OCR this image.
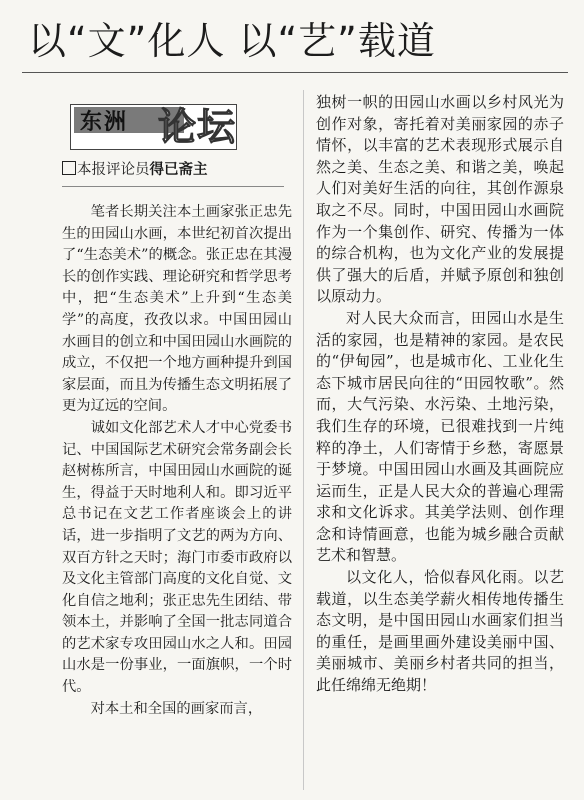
以“文”化人 以“艺”载道
东洲 论坛
本报评论员得已斋主

笔者长期关注本土画家张正忠先生的田园山水画，本世纪初首次提出了“生态美术”的概念。张正忠在其漫长的创作实践、理论研究和哲学思考中，把“生态美术”上升到“生态美学”的高度，孜孜以求。中国田园山水画目的创立和中国田园山水画院的成立，不仅把一个地方画种提升到国家层面，而且为传播生态文明拓展了更为辽远的空间。

诚如文化部艺术人才中心党委书记、中国国际艺术研究会常务副会长赵树栋所言，中国田园山水画院的诞生，得益于天时地利人和。即习近平总书记在文艺工作者座谈会上的讲话，进一步指明了文艺的两为方向、双百方针之天时；海门市委市政府以及文化主管部门高度的文化自觉、文化自信之地利；张正忠先生团结、带领本土，并影响了全国一批志同道合的艺术家专攻田园山水之人和。田园山水是一份事业，一面旗帜，一个时代。

对本土和全国的画家而言，

独树一帜的田园山水画以乡村风光为创作对象，寄托着对美丽家园的赤子情怀，以丰富的艺术表现形式展示自然之美、生态之美、和谐之美，唤起人们对美好生活的向往，其创作源泉取之不尽。同时，中国田园山水画院作为一个集创作、研究、传播为一体的综合机构，也为文化产业的发展提供了强大的后盾，并赋予原创和独创以原动力。

对人民大众而言，田园山水是生活的家园，也是精神的家园。是农民的“伊甸园”，也是城市化、工业化生态下城市居民向往的“田园牧歌”。然而，大气污染、水污染、土地污染，我们生存的环境，已很难找到一片纯粹的净土，人们寄情于乡愁，寄愿景于梦境。中国田园山水画及其画院应运而生，正是人民大众的普遍心理需求和文化诉求。其美学法则、创作理念和诗情画意，也能为城乡融合贡献艺术和智慧。

以文化人，恰似春风化雨。以艺载道，以生态美学薪火相传地传播生态文明，是中国田园山水画家们担当的重任，是画里画外建设美丽中国、美丽城市、美丽乡村者共同的担当，此任绵绵无绝期！
